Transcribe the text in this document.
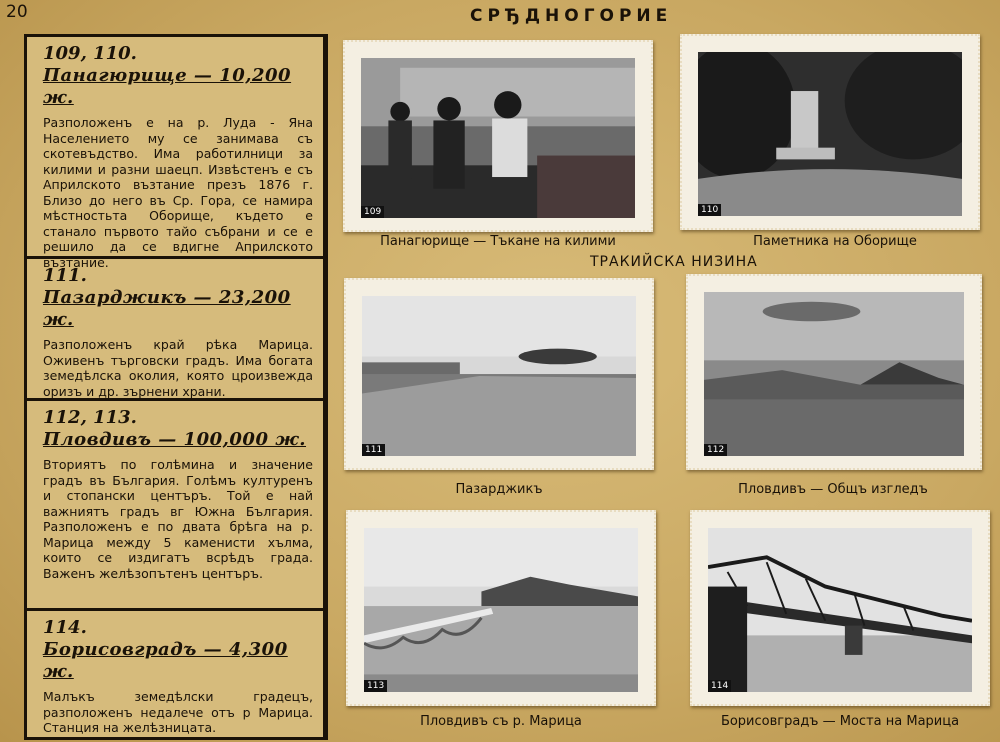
20	СРЂДНОГОРИЕ

109, 110.

Панагюрище — 10,200 ж.

Разположенъ е на р. Луда - Яна Населението му се занимава съ скотевъдство. Има работилници за килими и разни шаецп. Извѣстенъ е съ Априлското възтание презъ 1876 г. Близо до него въ Ср. Гора, се намира мѣстностьта Оборище, където е станало първото тайо събрани и се е решило да се вдигне Априлското възтание.

111.

Пазарджикъ — 23,200 ж.

Разположенъ край рѣка Марица. Оживенъ търговски градъ. Има богата земедѣлска околия, която цроизвежда оризъ и др. зърнени храни.

112, 113.

Пловдивъ — 100,000 ж.

Вториятъ по голѣмина и значение градъ въ България. Голѣмъ културенъ и стопански центъръ. Той е най важниятъ градъ вг Южна България. Разположенъ е по двата брѣга на р. Марица между 5 каменисти хълма, които се издигатъ всрѣдъ града. Важенъ желѣзопътенъ центъръ.

114.

Борисовградъ — 4,300 ж.

Малъкъ земедѣлски градецъ, разположенъ недалече отъ р Марица. Станция на желѣзницата.

109
Панагюрище — Тъкане на килими
110
Паметника на Оборище
ТРАКИЙСКА НИЗИНА
111
Пазарджикъ
112
Пловдивъ — Общъ изгледъ
113
Пловдивъ съ р. Марица
114
Борисовградъ — Моста на Марица
